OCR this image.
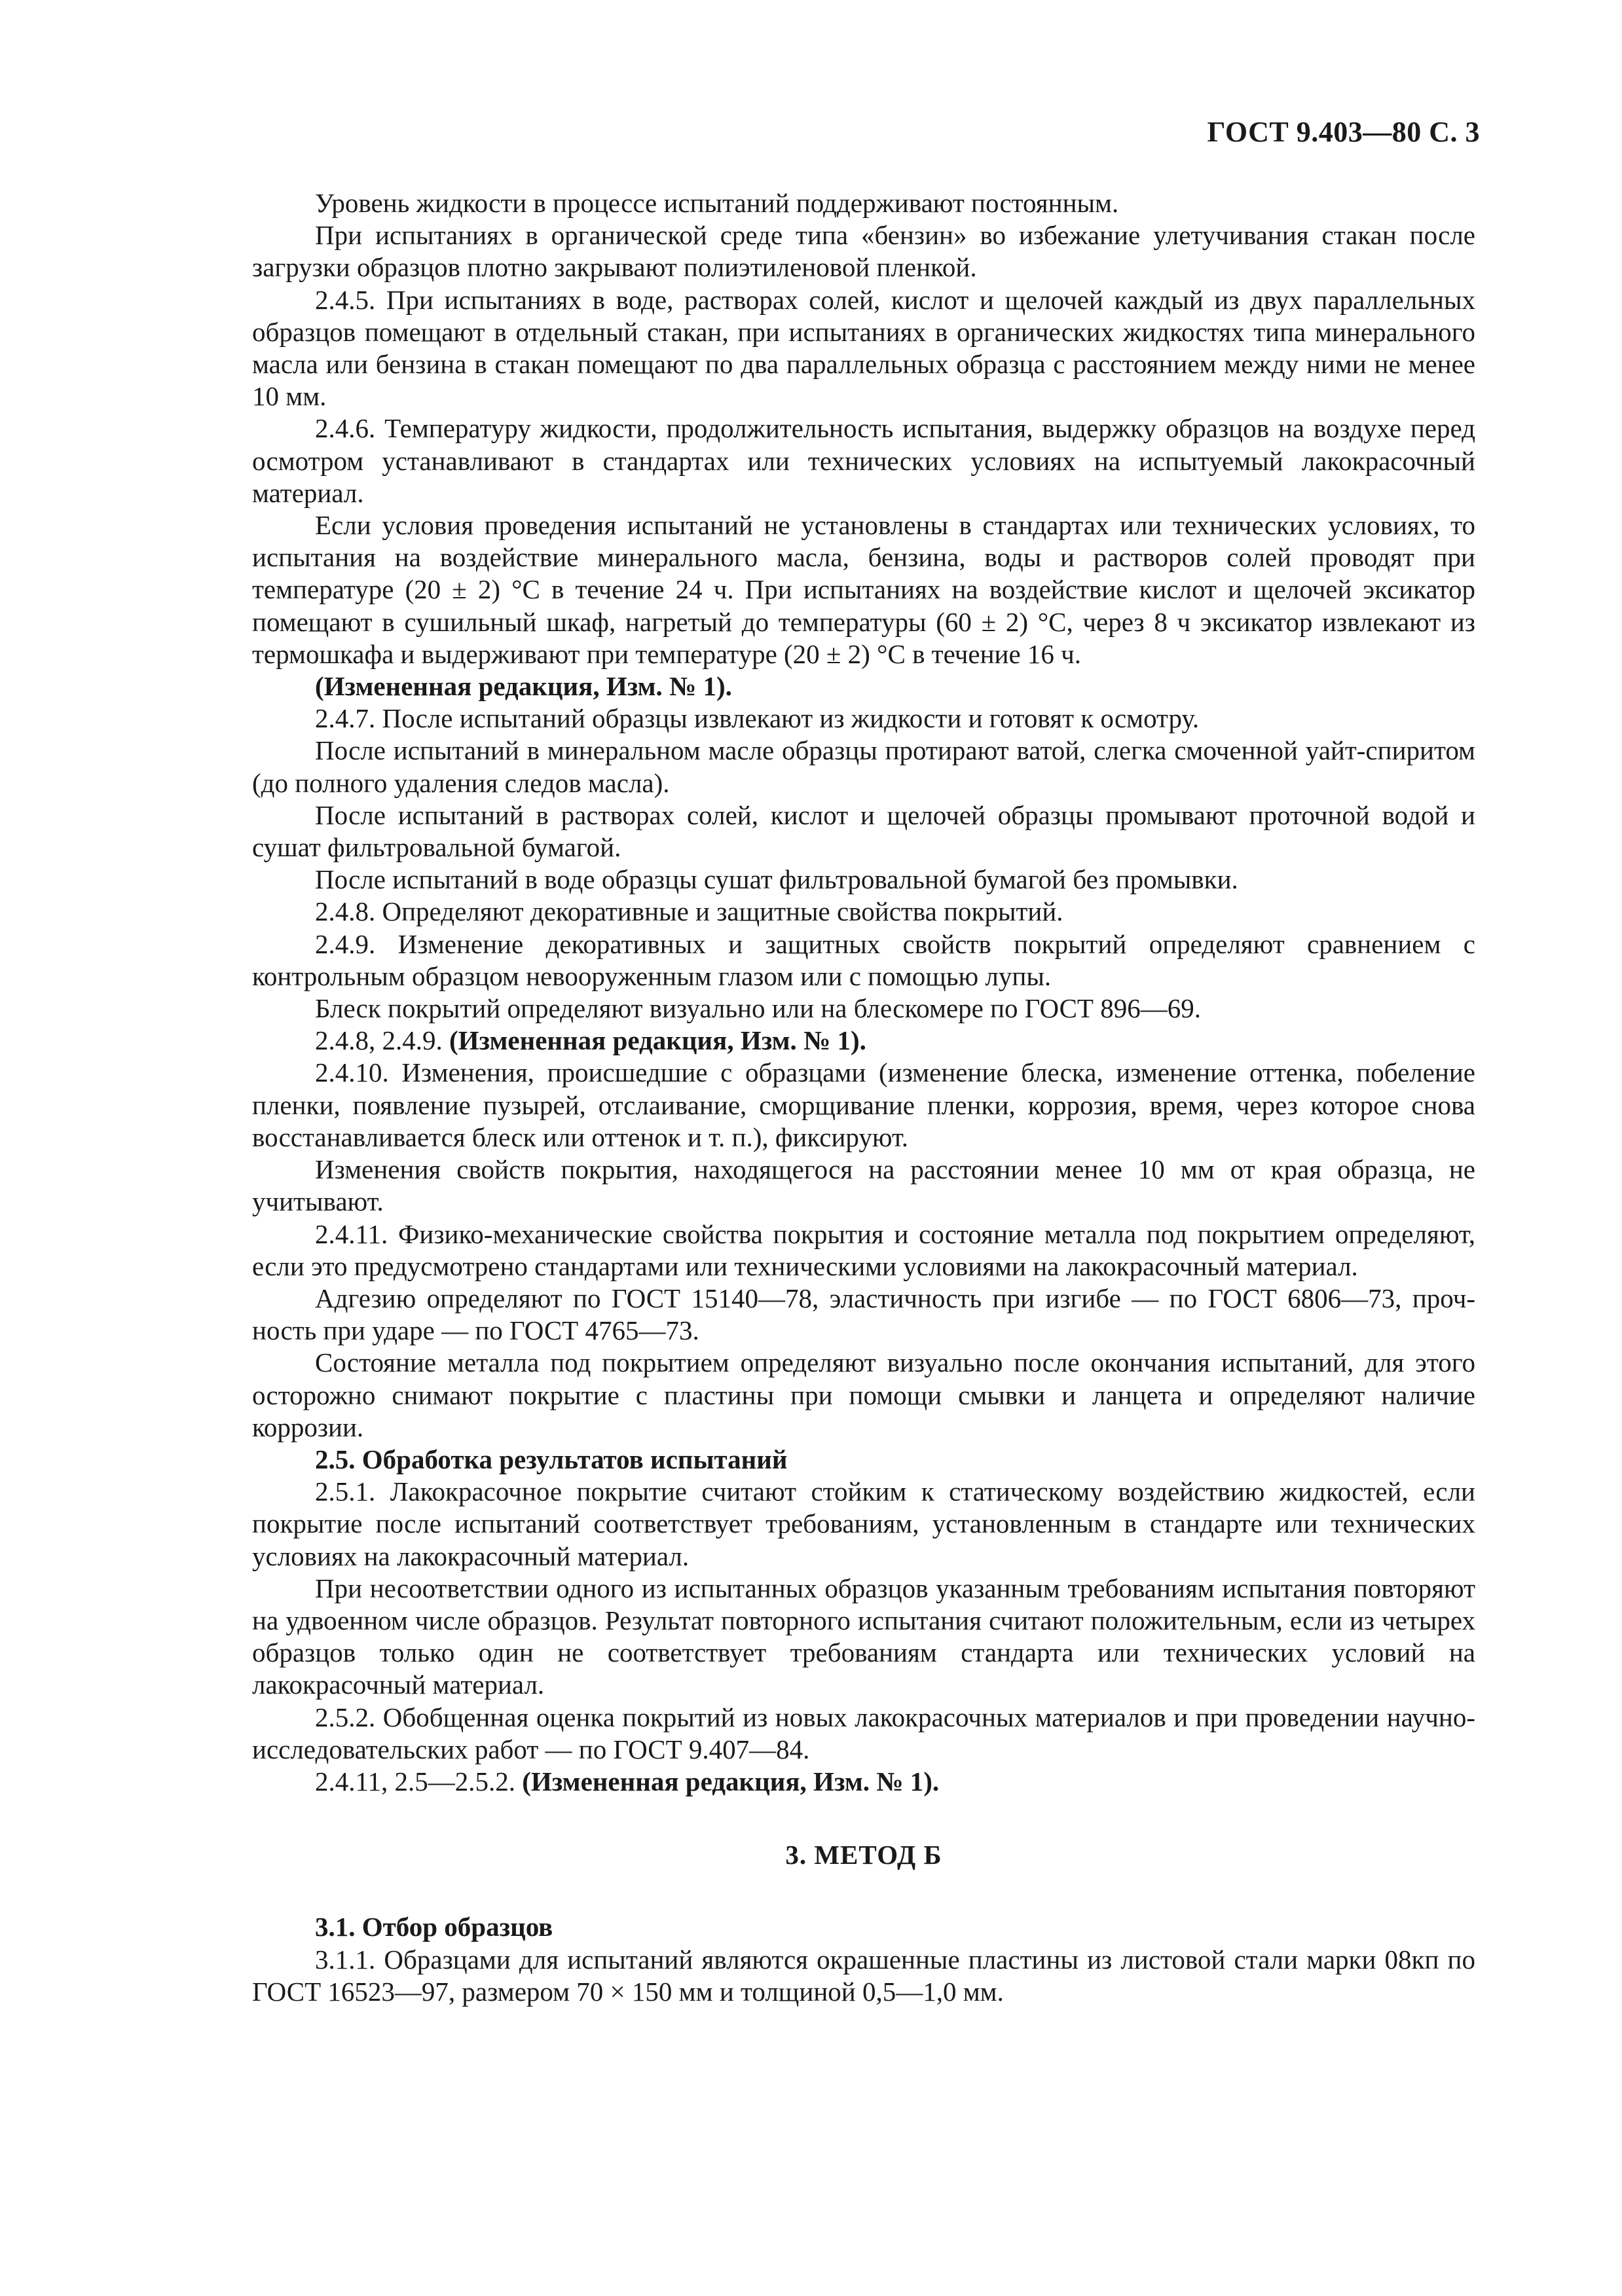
ГОСТ 9.403—80 С. 3

Уровень жидкости в процессе испытаний поддерживают постоянным.

При испытаниях в органической среде типа «бензин» во избежание улетучивания стакан после загрузки образцов плотно закрывают полиэтиленовой пленкой.

2.4.5. При испытаниях в воде, растворах солей, кислот и щелочей каждый из двух параллельных образцов помещают в отдельный стакан, при испытаниях в органических жидкостях типа минерального масла или бензина в стакан помещают по два параллельных образца с расстоянием между ними не менее 10 мм.

2.4.6. Температуру жидкости, продолжительность испытания, выдержку образцов на воздухе перед осмотром устанавливают в стандартах или технических условиях на испытуемый лакокрасочный материал.

Если условия проведения испытаний не установлены в стандартах или технических условиях, то испытания на воздействие минерального масла, бензина, воды и растворов солей проводят при температуре (20 ± 2) °С в течение 24 ч. При испытаниях на воздействие кислот и щелочей эксикатор помещают в сушильный шкаф, нагретый до температуры (60 ± 2) °С, через 8 ч эксикатор извлекают из термошкафа и выдерживают при температуре (20 ± 2) °С в течение 16 ч.

(Измененная редакция, Изм. № 1).

2.4.7. После испытаний образцы извлекают из жидкости и готовят к осмотру.

После испытаний в минеральном масле образцы протирают ватой, слегка смоченной уайт-спиритом (до полного удаления следов масла).

После испытаний в растворах солей, кислот и щелочей образцы промывают проточной водой и сушат фильтровальной бумагой.

После испытаний в воде образцы сушат фильтровальной бумагой без промывки.

2.4.8. Определяют декоративные и защитные свойства покрытий.

2.4.9. Изменение декоративных и защитных свойств покрытий определяют сравнением с контрольным образцом невооруженным глазом или с помощью лупы.

Блеск покрытий определяют визуально или на блескомере по ГОСТ 896—69.

2.4.8, 2.4.9. (Измененная редакция, Изм. № 1).

2.4.10. Изменения, происшедшие с образцами (изменение блеска, изменение оттенка, побеление пленки, появление пузырей, отслаивание, сморщивание пленки, коррозия, время, через которое снова восстанавливается блеск или оттенок и т. п.), фиксируют.

Изменения свойств покрытия, находящегося на расстоянии менее 10 мм от края образца, не учитывают.

2.4.11. Физико-механические свойства покрытия и состояние металла под покрытием определяют, если это предусмотрено стандартами или техническими условиями на лакокрасочный материал.

Адгезию определяют по ГОСТ 15140—78, эластичность при изгибе — по ГОСТ 6806—73, прочность при ударе — по ГОСТ 4765—73.

Состояние металла под покрытием определяют визуально после окончания испытаний, для этого осторожно снимают покрытие с пластины при помощи смывки и ланцета и определяют наличие коррозии.

2.5. Обработка результатов испытаний

2.5.1. Лакокрасочное покрытие считают стойким к статическому воздействию жидкостей, если покрытие после испытаний соответствует требованиям, установленным в стандарте или технических условиях на лакокрасочный материал.

При несоответствии одного из испытанных образцов указанным требованиям испытания повторяют на удвоенном числе образцов. Результат повторного испытания считают положительным, если из четырех образцов только один не соответствует требованиям стандарта или технических условий на лакокрасочный материал.

2.5.2. Обобщенная оценка покрытий из новых лакокрасочных материалов и при проведении научно-исследовательских работ — по ГОСТ 9.407—84.

2.4.11, 2.5—2.5.2. (Измененная редакция, Изм. № 1).

3. МЕТОД Б

3.1. Отбор образцов

3.1.1. Образцами для испытаний являются окрашенные пластины из листовой стали марки 08кп по ГОСТ 16523—97, размером 70 × 150 мм и толщиной 0,5—1,0 мм.
